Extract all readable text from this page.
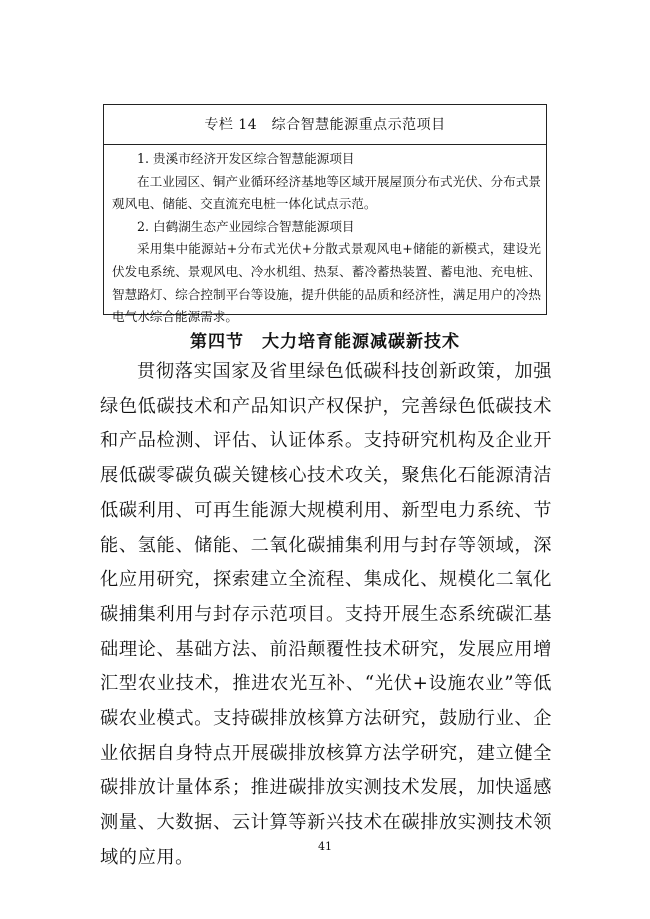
专栏 14　综合智慧能源重点示范项目

1. 贵溪市经济开发区综合智慧能源项目

在工业园区、铜产业循环经济基地等区域开展屋顶分布式光伏、分布式景观风电、储能、交直流充电桩一体化试点示范。

2. 白鹤湖生态产业园综合智慧能源项目

采用集中能源站+分布式光伏+分散式景观风电+储能的新模式，建设光伏发电系统、景观风电、冷水机组、热泵、蓄冷蓄热装置、蓄电池、充电桩、智慧路灯、综合控制平台等设施，提升供能的品质和经济性，满足用户的冷热电气水综合能源需求。

第四节　大力培育能源减碳新技术

贯彻落实国家及省里绿色低碳科技创新政策，加强绿色低碳技术和产品知识产权保护，完善绿色低碳技术和产品检测、评估、认证体系。支持研究机构及企业开展低碳零碳负碳关键核心技术攻关，聚焦化石能源清洁低碳利用、可再生能源大规模利用、新型电力系统、节能、氢能、储能、二氧化碳捕集利用与封存等领域，深化应用研究，探索建立全流程、集成化、规模化二氧化碳捕集利用与封存示范项目。支持开展生态系统碳汇基础理论、基础方法、前沿颠覆性技术研究，发展应用增汇型农业技术，推进农光互补、“光伏+设施农业”等低碳农业模式。支持碳排放核算方法研究，鼓励行业、企业依据自身特点开展碳排放核算方法学研究，建立健全碳排放计量体系；推进碳排放实测技术发展，加快遥感测量、大数据、云计算等新兴技术在碳排放实测技术领域的应用。

41
